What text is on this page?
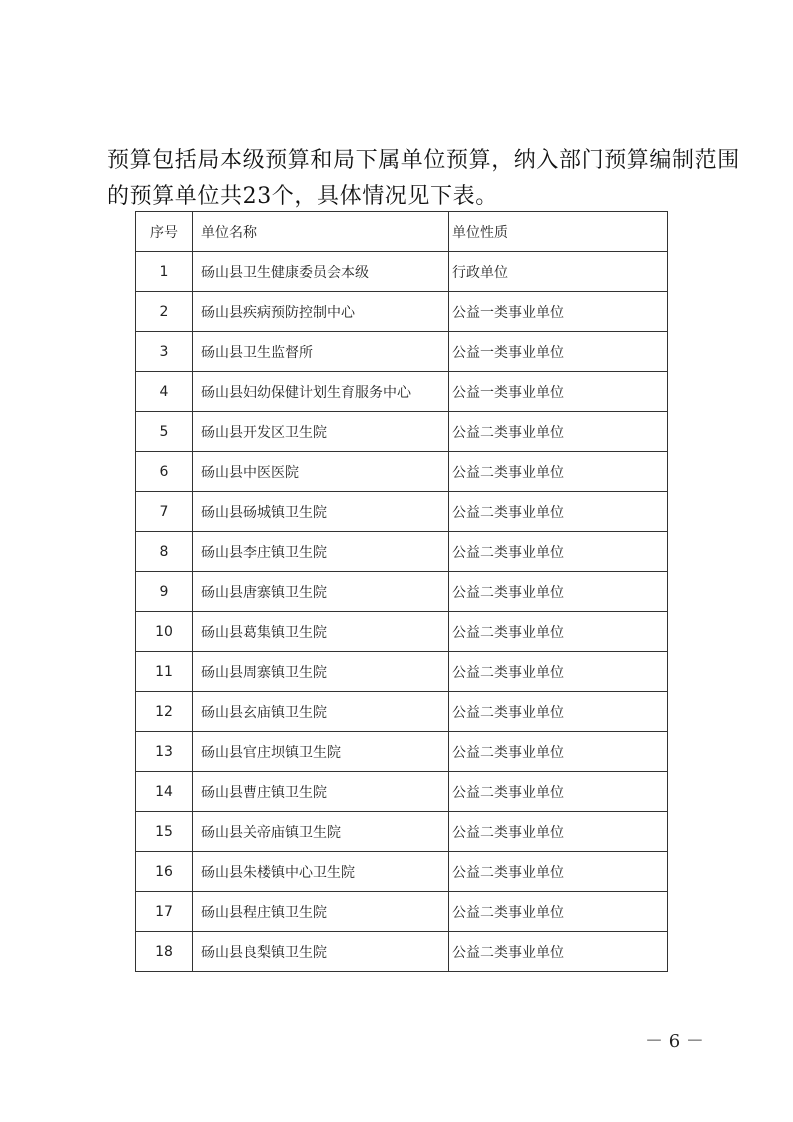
预算包括局本级预算和局下属单位预算，纳入部门预算编制范围
的预算单位共23个，具体情况见下表。
序号	单位名称	单位性质
1	砀山县卫生健康委员会本级	行政单位
2	砀山县疾病预防控制中心	公益一类事业单位
3	砀山县卫生监督所	公益一类事业单位
4	砀山县妇幼保健计划生育服务中心	公益一类事业单位
5	砀山县开发区卫生院	公益二类事业单位
6	砀山县中医医院	公益二类事业单位
7	砀山县砀城镇卫生院	公益二类事业单位
8	砀山县李庄镇卫生院	公益二类事业单位
9	砀山县唐寨镇卫生院	公益二类事业单位
10	砀山县葛集镇卫生院	公益二类事业单位
11	砀山县周寨镇卫生院	公益二类事业单位
12	砀山县玄庙镇卫生院	公益二类事业单位
13	砀山县官庄坝镇卫生院	公益二类事业单位
14	砀山县曹庄镇卫生院	公益二类事业单位
15	砀山县关帝庙镇卫生院	公益二类事业单位
16	砀山县朱楼镇中心卫生院	公益二类事业单位
17	砀山县程庄镇卫生院	公益二类事业单位
18	砀山县良梨镇卫生院	公益二类事业单位
－ 6 －
